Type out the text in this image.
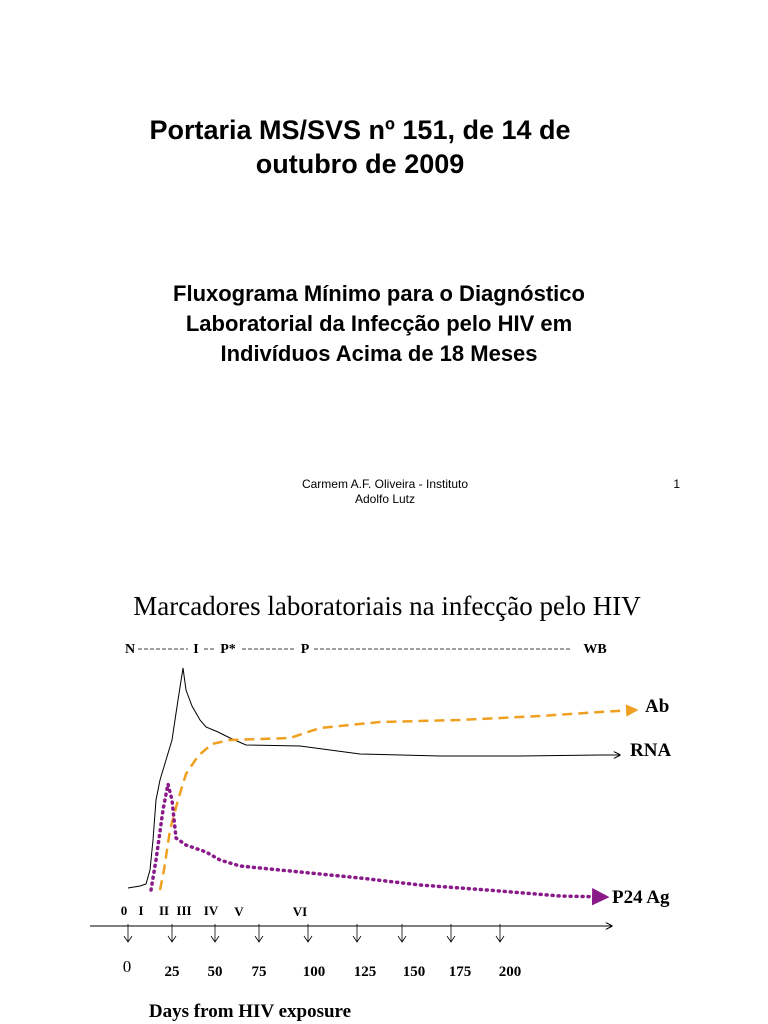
Portaria MS/SVS nº 151, de 14 de
outubro de 2009
Fluxograma Mínimo para o Diagnóstico
Laboratorial da Infecção pelo HIV em
Indivíduos Acima de 18 Meses
Carmem A.F. Oliveira - Instituto
Adolfo Lutz
1
Marcadores laboratoriais na infecção pelo HIV
N	I P*	P	WB
Ab
RNA
P24 Ag
0 I II III IV V	VI
0 25 50 75 100 125 150 175 200
Days from HIV exposure
